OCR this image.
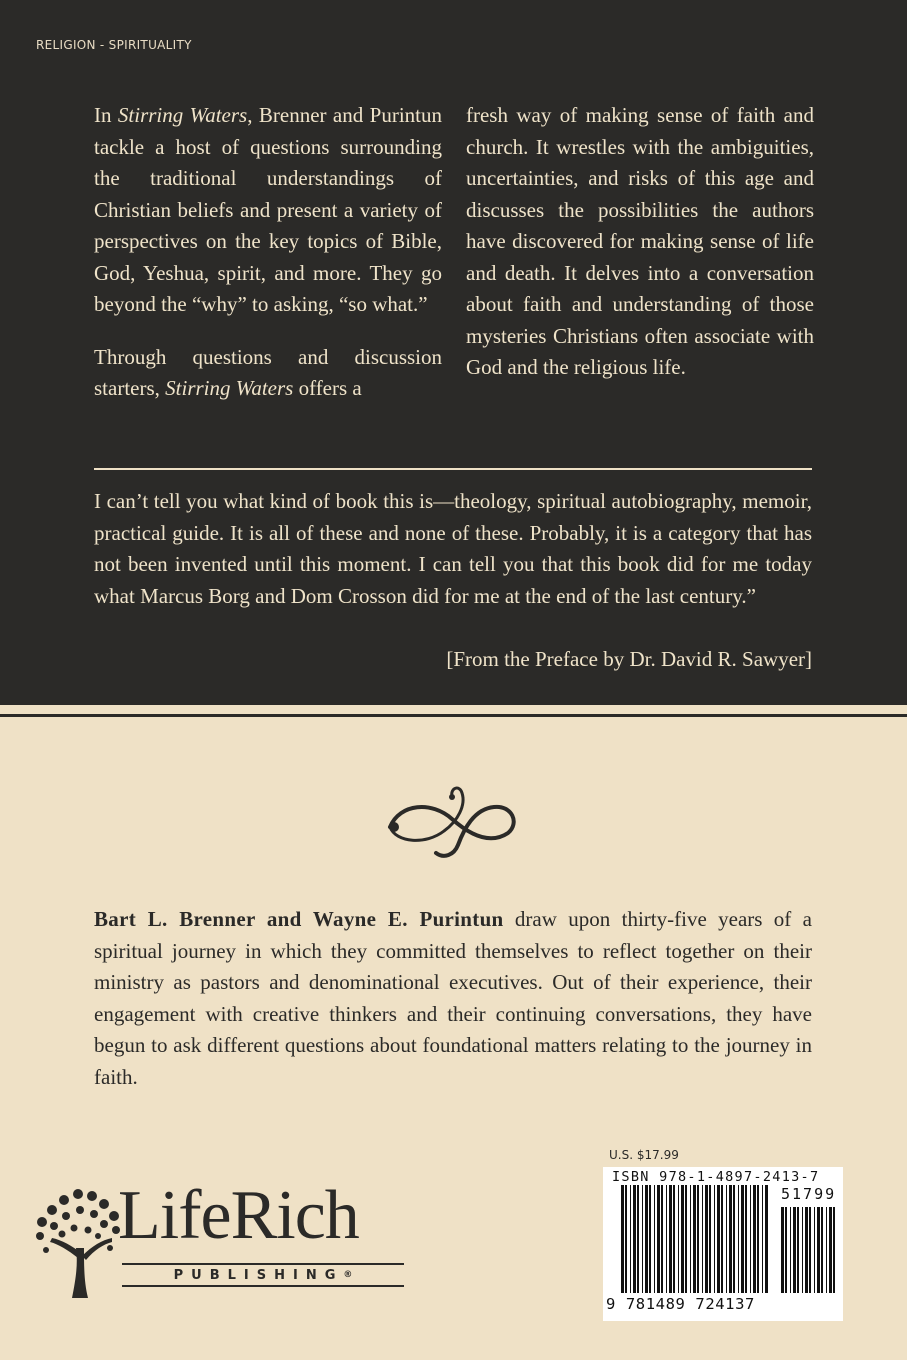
RELIGION - SPIRITUALITY

In Stirring Waters, Brenner and Purintun tackle a host of questions surrounding the traditional understandings of Christian beliefs and present a variety of perspectives on the key topics of Bible, God, Yeshua, spirit, and more. They go beyond the “why” to asking, “so what.”

Through questions and discussion starters, Stirring Waters offers a

fresh way of making sense of faith and church. It wrestles with the ambiguities, uncertainties, and risks of this age and discusses the possibilities the authors have discovered for making sense of life and death. It delves into a conversation about faith and understanding of those mysteries Christians often associate with God and the religious life.

I can’t tell you what kind of book this is—theology, spiritual autobiography, memoir, practical guide. It is all of these and none of these. Probably, it is a category that has not been invented until this moment. I can tell you that this book did for me today what Marcus Borg and Dom Crosson did for me at the end of the last century.”
[From the Preface by Dr. David R. Sawyer]
Bart L. Brenner and Wayne E. Purintun draw upon thirty-five years of a spiritual journey in which they committed themselves to reflect together on their ministry as pastors and denominational executives. Out of their experience, their engagement with creative thinkers and their continuing conversations, they have begun to ask different questions about foundational matters relating to the journey in faith.
LifeRich
PUBLISHING ®
U.S. $17.99
ISBN 978-1-4897-2413-7
51799
9 781489 724137
